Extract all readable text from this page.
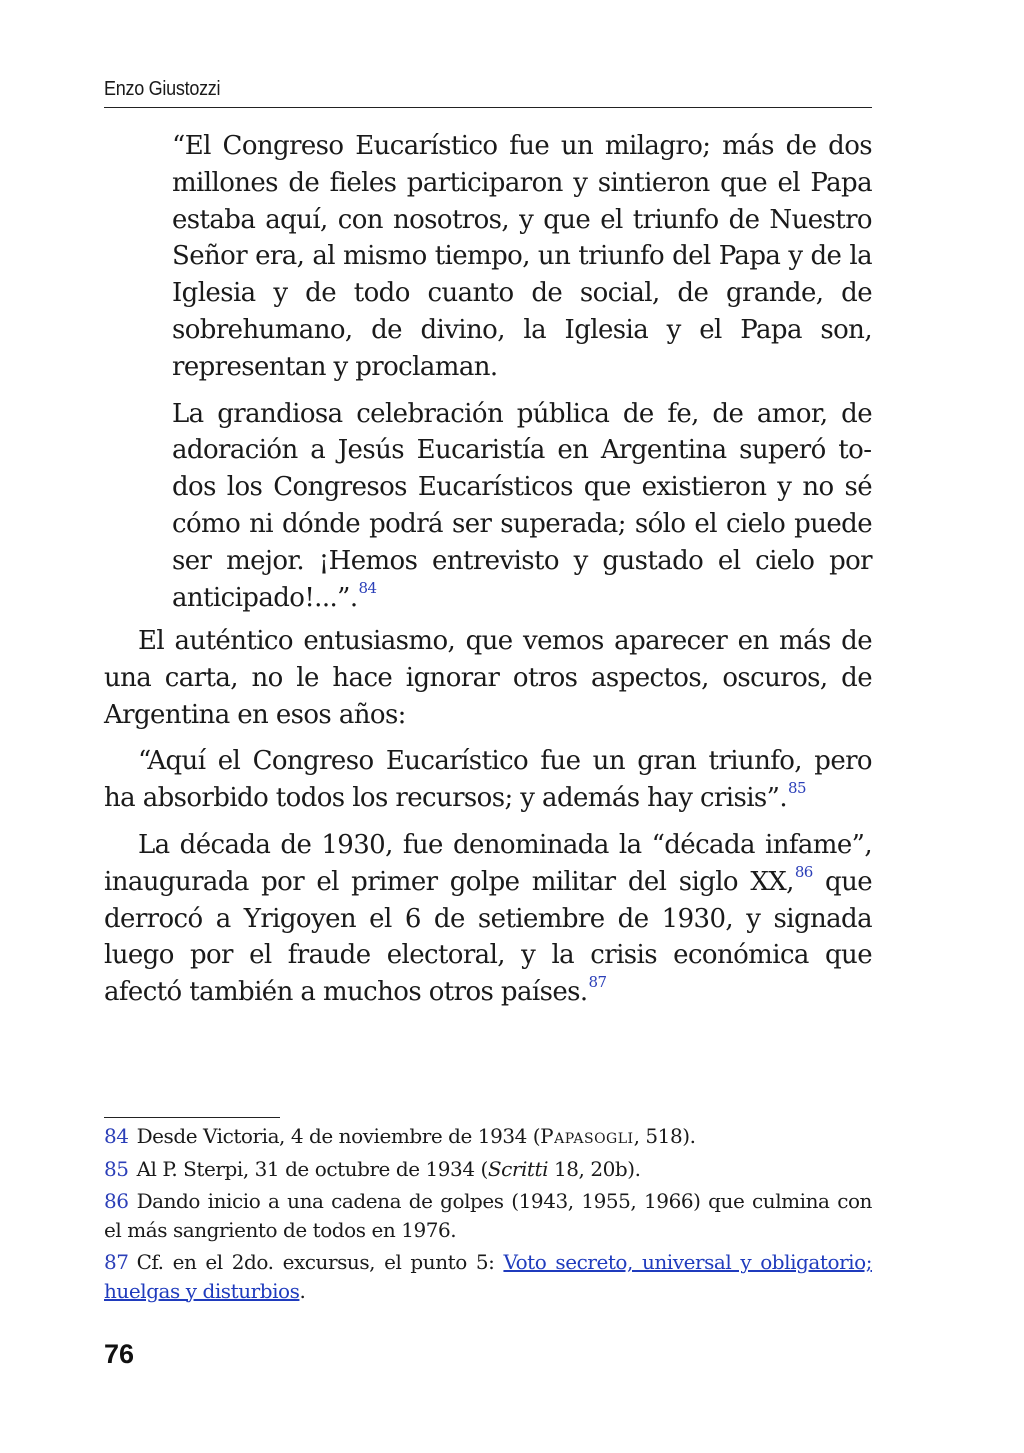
Enzo Giustozzi

“El Congreso Eucarístico fue un milagro; más de dos millones de fieles participaron y sintieron que el Papa estaba aquí, con nosotros, y que el triunfo de Nuestro Señor era, al mismo tiempo, un triunfo del Papa y de la Iglesia y de todo cuanto de social, de grande, de sobrehumano, de divino, la Iglesia y el Papa son, representan y proclaman.

La grandiosa celebración pública de fe, de amor, de adoración a Jesús Eucaristía en Argentina superó todos los Congresos Eucarísticos que existieron y no sé cómo ni dónde podrá ser superada; sólo el cielo puede ser mejor. ¡Hemos entrevisto y gustado el cielo por anticipado!...”.$^{84}$

El auténtico entusiasmo, que vemos aparecer en más de una carta, no le hace ignorar otros aspectos, oscuros, de Argentina en esos años:

“Aquí el Congreso Eucarístico fue un gran triunfo, pero ha absorbido todos los recursos; y además hay crisis”.$^{85}$

La década de 1930, fue denominada la “década infame”, inaugurada por el primer golpe militar del siglo XX,$^{86}$ que derrocó a Yrigoyen el 6 de setiembre de 1930, y signada luego por el fraude electoral, y la crisis económica que afectó también a muchos otros países.$^{87}$

84 Desde Victoria, 4 de noviembre de 1934 (Papasogli, 518).

85 Al P. Sterpi, 31 de octubre de 1934 (Scritti 18, 20b).

86 Dando inicio a una cadena de golpes (1943, 1955, 1966) que culmina con el más sangriento de todos en 1976.

87 Cf. en el 2do. excursus, el punto 5: Voto secreto, universal y obligatorio; huelgas y disturbios.

76
